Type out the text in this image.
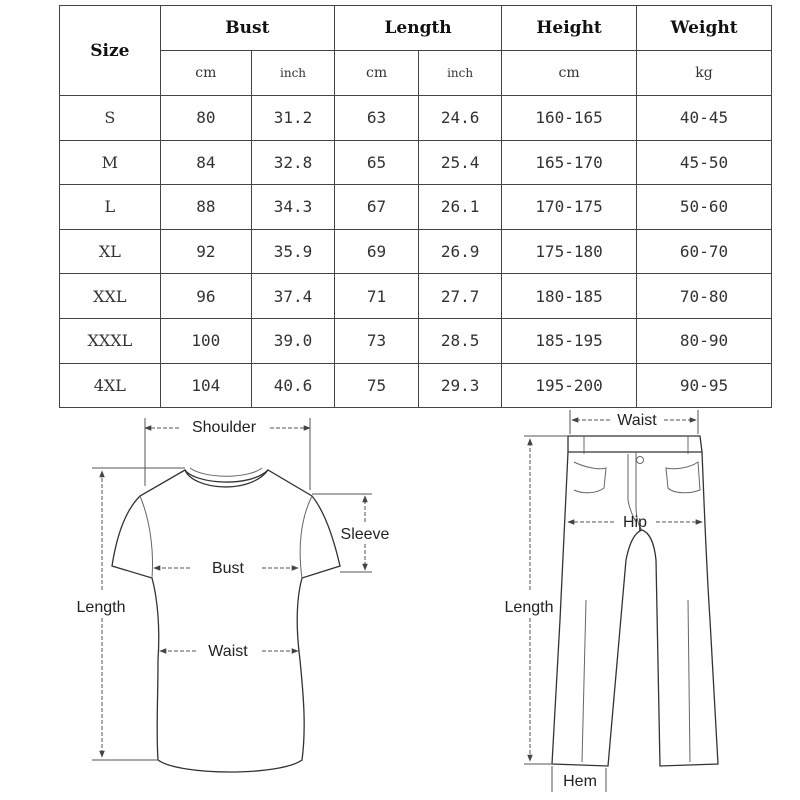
Size	Bust		Length		Height	Weight
	cm	inch	cm	inch	cm	kg
S	80	31.2	63	24.6	160-165	40-45
M	84	32.8	65	25.4	165-170	45-50
L	88	34.3	67	26.1	170-175	50-60
XL	92	35.9	69	26.9	175-180	60-70
XXL	96	37.4	71	27.7	180-185	70-80
XXXL	100	39.0	73	28.5	185-195	80-90
4XL	104	40.6	75	29.3	195-200	90-95
Shoulder
Sleeve
Bust
Waist
Length
Waist
Hip
Length
Hem
